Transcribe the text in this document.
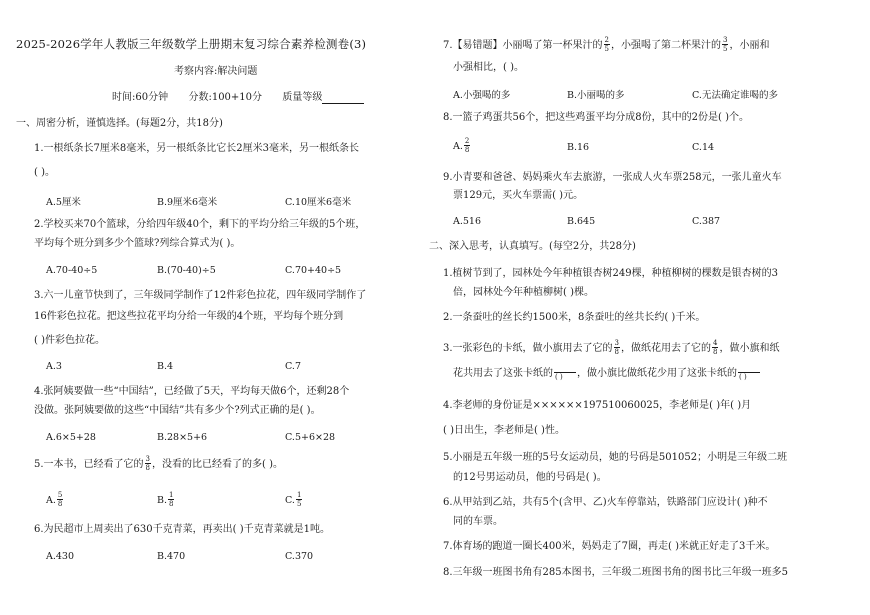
2025-2026学年人教版三年级数学上册期末复习综合素养检测卷(3)
考察内容:解决问题
时间:60分钟 分数:100+10分 质量等级
一、周密分析，谨慎选择。(每题2分，共18分)
1.一根纸条长7厘米8毫米，另一根纸条比它长2厘米3毫米，另一根纸条长
( )。
A.5厘米	B.9厘米6毫米	C.10厘米6毫米
2.学校买来70个篮球，分给四年级40个，剩下的平均分给三年级的5个班，
平均每个班分到多少个篮球?列综合算式为( )。
A.70-40÷5	B.(70-40)÷5	C.70+40÷5
3.六一儿童节快到了，三年级同学制作了12件彩色拉花，四年级同学制作了
16件彩色拉花。把这些拉花平均分给一年级的4个班，平均每个班分到
( )件彩色拉花。
A.3	B.4	C.7
4.张阿姨要做一些“中国结”，已经做了5天，平均每天做6个，还剩28个
没做。张阿姨要做的这些“中国结”共有多少个?列式正确的是( )。
A.6×5+28	B.28×5+6	C.5+6×28
5.一本书，已经看了它的 $\frac{3}{8}$ ，没看的比已经看了的多( )。
A. $\frac{5}{8}$	B. $\frac{1}{8}$	C. $\frac{1}{5}$
6.为民超市上周卖出了630千克青菜，再卖出( )千克青菜就是1吨。
A.430	B.470	C.370
7.【易错题】小丽喝了第一杯果汁的 $\frac{2}{5}$ ，小强喝了第二杯果汁的 $\frac{3}{5}$ ，小丽和
小强相比，( )。
A.小强喝的多	B.小丽喝的多	C.无法确定谁喝的多
8.一篮子鸡蛋共56个，把这些鸡蛋平均分成8份，其中的2份是( )个。
A. $\frac{2}{8}$	B.16	C.14
9.小青要和爸爸、妈妈乘火车去旅游，一张成人火车票258元，一张儿童火车
票129元，买火车票需( )元。
A.516	B.645	C.387
二、深入思考，认真填写。(每空2分，共28分)
1.植树节到了，园林处今年种植银杏树249棵，种植柳树的棵数是银杏树的3
倍，园林处今年种植柳树( )棵。
2.一条蚕吐的丝长约1500米，8条蚕吐的丝共长约( )千米。
3.一张彩色的卡纸，做小旗用去了它的 $\frac{3}{8}$ ，做纸花用去了它的 $\frac{4}{8}$ ，做小旗和纸
花共用去了这张卡纸的 ( )	，做小旗比做纸花少用了这张卡纸的 ( )
4.李老师的身份证是××××××197510060025，李老师是( )年( )月
( )日出生，李老师是( )性。
5.小丽是五年级一班的5号女运动员，她的号码是501052；小明是三年级二班
的12号男运动员，他的号码是( )。
6.从甲站到乙站，共有5个(含甲、乙)火车停靠站，铁路部门应设计( )种不
同的车票。
7.体育场的跑道一圈长400米，妈妈走了7圈，再走( )米就正好走了3千米。
8.三年级一班图书角有285本图书，三年级二班图书角的图书比三年级一班多5
